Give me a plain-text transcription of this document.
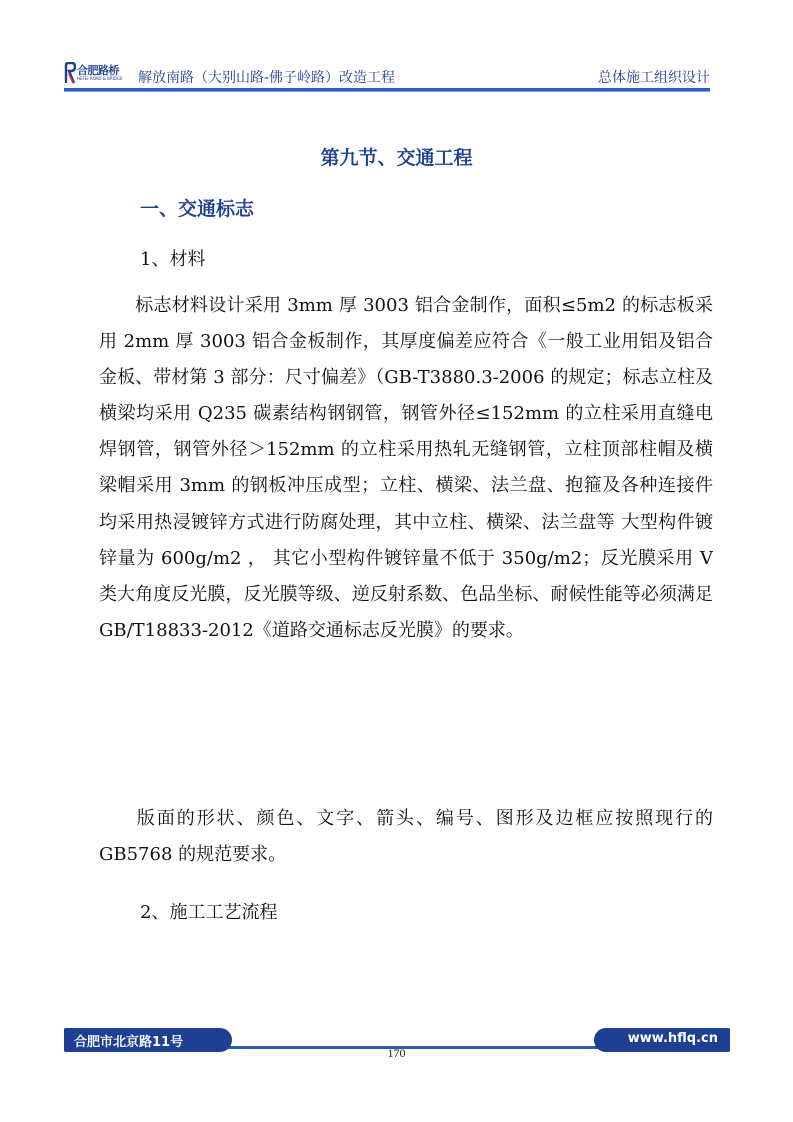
合肥路桥
HEFEI ROAD & BRIDGE 解放南路（大别山路-佛子岭路）改造工程	总体施工组织设计
第九节、交通工程
一、交通标志
1、材料

标志材料设计采用 3mm 厚 3003 铝合金制作，面积≤5m2 的标志板采用 2mm 厚 3003 铝合金板制作，其厚度偏差应符合《一般工业用铝及铝合金板、带材第 3 部分：尺寸偏差》（GB-T3880.3-2006 的规定；标志立柱及横梁均采用 Q235 碳素结构钢钢管，钢管外径≤152mm 的立柱采用直缝电焊钢管，钢管外径＞152mm 的立柱采用热轧无缝钢管，立柱顶部柱帽及横梁帽采用 3mm 的钢板冲压成型；立柱、横梁、法兰盘、抱箍及各种连接件均采用热浸镀锌方式进行防腐处理，其中立柱、横梁、法兰盘等 大型构件镀锌量为 600g/m2 ， 其它小型构件镀锌量不低于 350g/m2；反光膜采用 V 类大角度反光膜，反光膜等级、逆反射系数、色品坐标、耐候性能等必须满足 GB/T18833-2012《道路交通标志反光膜》的要求。

版面的形状、颜色、文字、箭头、编号、图形及边框应按照现行的GB5768 的规范要求。

2、施工工艺流程
合肥市北京路11号	www.hflq.cn
170
